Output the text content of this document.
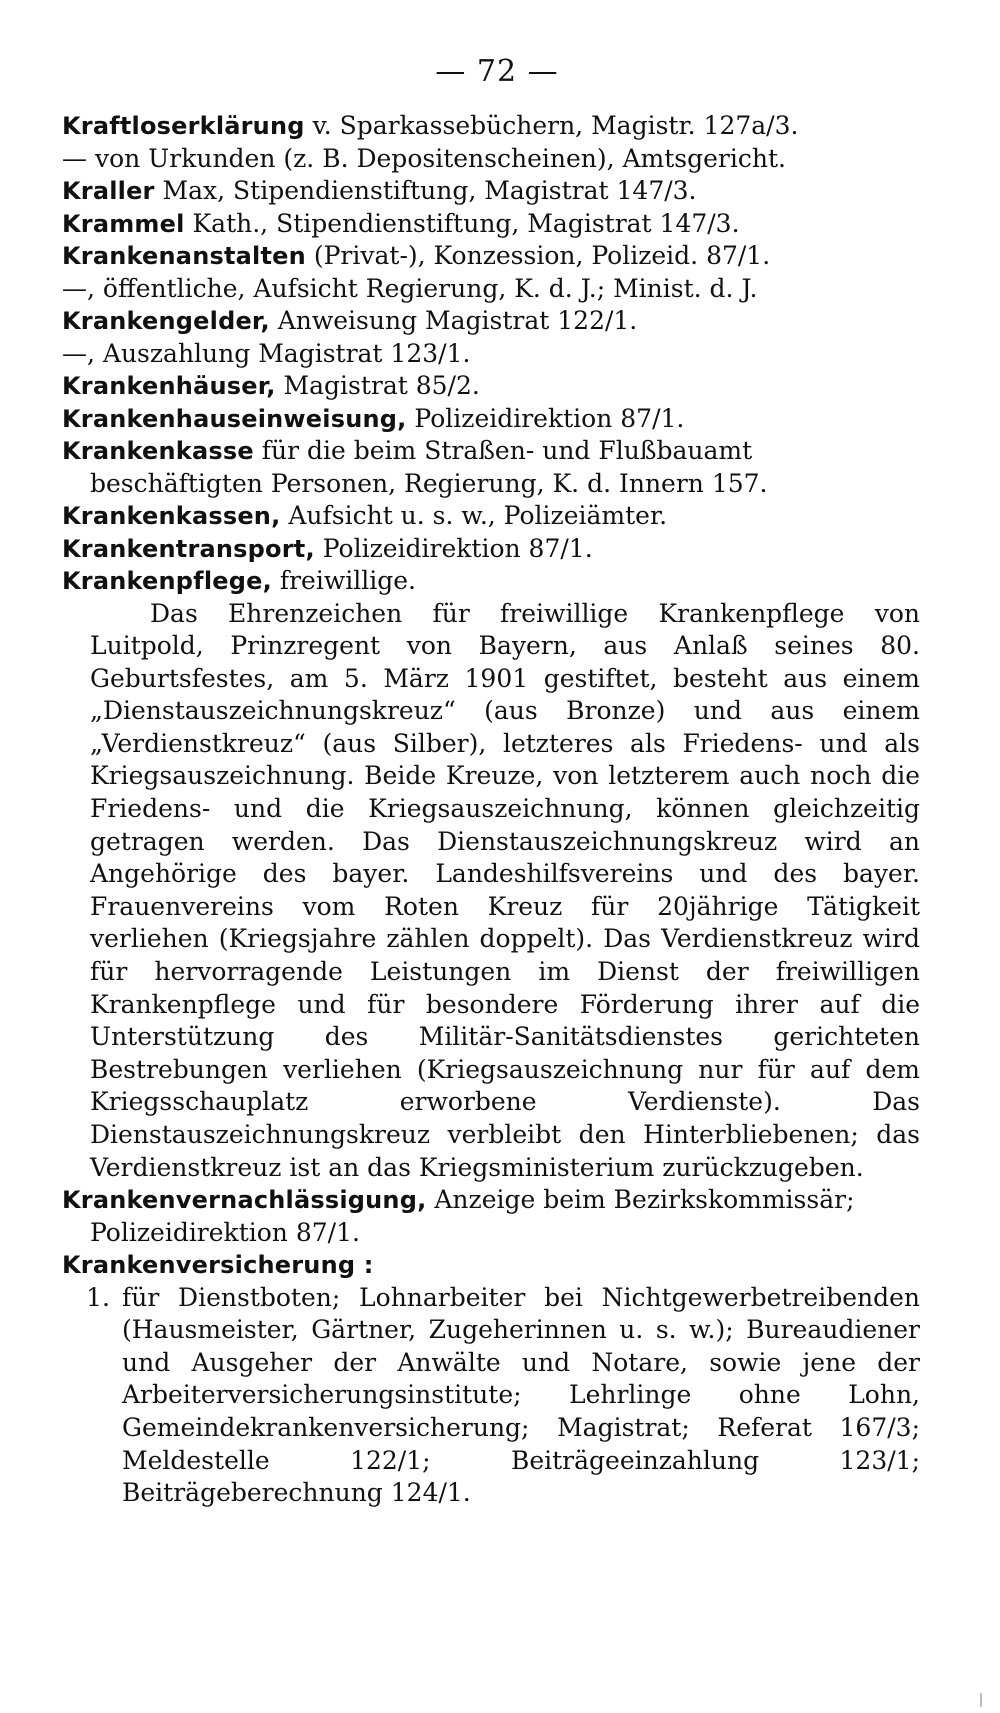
— 72 —
Kraftloserklärung v. Sparkassebüchern, Magistr. 127a/3.
— von Urkunden (z. B. Depositenscheinen), Amtsgericht.
Kraller Max, Stipendienstiftung, Magistrat 147/3.
Krammel Kath., Stipendienstiftung, Magistrat 147/3.
Krankenanstalten (Privat-), Konzession, Polizeid. 87/1.
—, öffentliche, Aufsicht Regierung, K. d. J.; Minist. d. J.
Krankengelder, Anweisung Magistrat 122/1.
—, Auszahlung Magistrat 123/1.
Krankenhäuser, Magistrat 85/2.
Krankenhauseinweisung, Polizeidirektion 87/1.
Krankenkasse für die beim Straßen- und Flußbauamt beschäftigten Personen, Regierung, K. d. Innern 157.
Krankenkassen, Aufsicht u. s. w., Polizeiämter.
Krankentransport, Polizeidirektion 87/1.
Krankenpflege, freiwillige.
Das Ehrenzeichen für freiwillige Krankenpflege von Luitpold, Prinzregent von Bayern, aus Anlaß seines 80. Geburtsfestes, am 5. März 1901 gestiftet, besteht aus einem „Dienstauszeichnungskreuz“ (aus Bronze) und aus einem „Verdienstkreuz“ (aus Silber), letzteres als Friedens- und als Kriegsauszeichnung. Beide Kreuze, von letzterem auch noch die Friedens- und die Kriegsauszeichnung, können gleichzeitig getragen werden. Das Dienstauszeichnungskreuz wird an Angehörige des bayer. Landeshilfsvereins und des bayer. Frauenvereins vom Roten Kreuz für 20jährige Tätigkeit verliehen (Kriegsjahre zählen doppelt). Das Verdienstkreuz wird für hervorragende Leistungen im Dienst der freiwilligen Krankenpflege und für besondere Förderung ihrer auf die Unterstützung des Militär-Sanitätsdienstes gerichteten Bestrebungen verliehen (Kriegsauszeichnung nur für auf dem Kriegsschauplatz erworbene Verdienste). Das Dienstauszeichnungskreuz verbleibt den Hinterbliebenen; das Verdienstkreuz ist an das Kriegsministerium zurückzugeben.
Krankenvernachlässigung, Anzeige beim Bezirkskommissär; Polizeidirektion 87/1.
Krankenversicherung :
1. für Dienstboten; Lohnarbeiter bei Nichtgewerbetreibenden (Hausmeister, Gärtner, Zugeherinnen u. s. w.); Bureaudiener und Ausgeher der Anwälte und Notare, sowie jene der Arbeiterversicherungsinstitute; Lehrlinge ohne Lohn, Gemeindekrankenversicherung; Magistrat; Referat 167/3; Meldestelle 122/1; Beiträgeeinzahlung 123/1; Beiträgeberechnung 124/1.
